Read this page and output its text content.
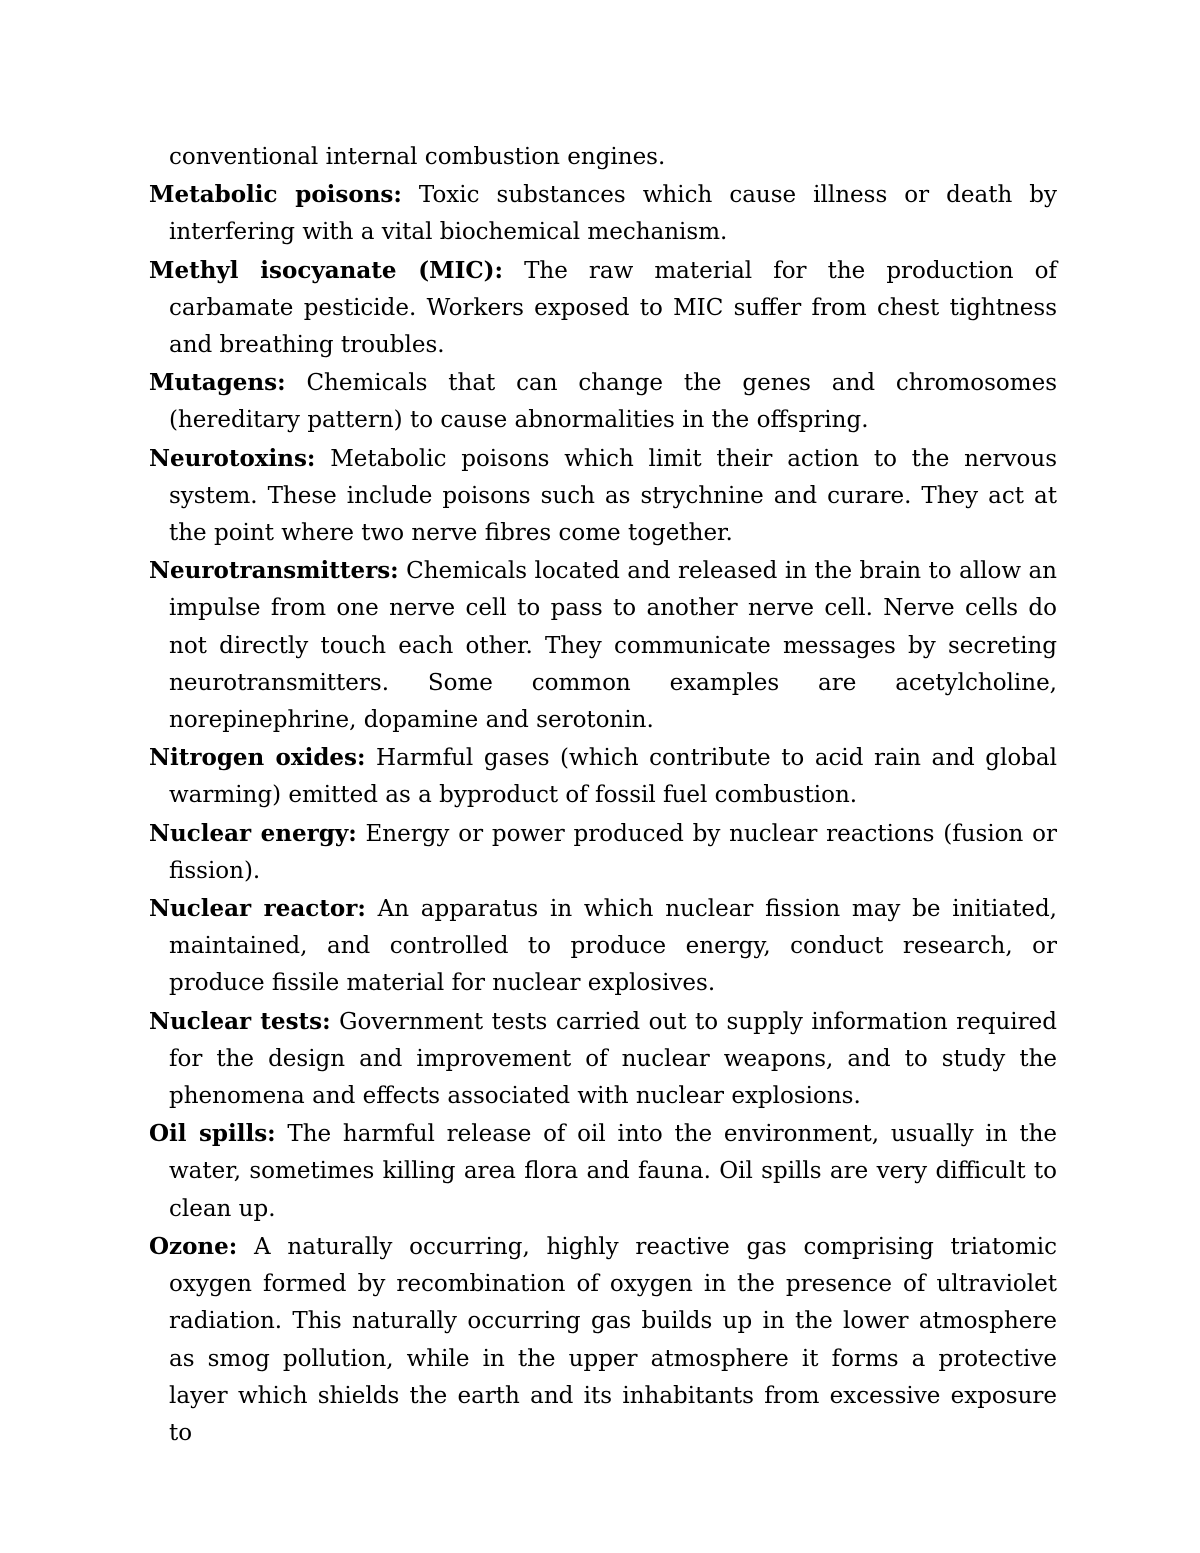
conventional internal combustion engines.

Metabolic poisons: Toxic substances which cause illness or death by interfering with a vital biochemical mechanism.

Methyl isocyanate (MIC): The raw material for the production of carbamate pesticide. Workers exposed to MIC suffer from chest tightness and breathing troubles.

Mutagens: Chemicals that can change the genes and chromosomes (hereditary pattern) to cause abnormalities in the offspring.

Neurotoxins: Metabolic poisons which limit their action to the nervous system. These include poisons such as strychnine and curare. They act at the point where two nerve fibres come together.

Neurotransmitters: Chemicals located and released in the brain to allow an impulse from one nerve cell to pass to another nerve cell. Nerve cells do not directly touch each other. They communicate messages by secreting neurotransmitters. Some common examples are acetylcholine, norepinephrine, dopamine and serotonin.

Nitrogen oxides: Harmful gases (which contribute to acid rain and global warming) emitted as a byproduct of fossil fuel combustion.

Nuclear energy: Energy or power produced by nuclear reactions (fusion or fission).

Nuclear reactor: An apparatus in which nuclear fission may be initiated, maintained, and controlled to produce energy, conduct research, or produce fissile material for nuclear explosives.

Nuclear tests: Government tests carried out to supply information required for the design and improvement of nuclear weapons, and to study the phenomena and effects associated with nuclear explosions.

Oil spills: The harmful release of oil into the environment, usually in the water, sometimes killing area flora and fauna. Oil spills are very difficult to clean up.

Ozone: A naturally occurring, highly reactive gas comprising triatomic oxygen formed by recombination of oxygen in the presence of ultraviolet radiation. This naturally occurring gas builds up in the lower atmosphere as smog pollution, while in the upper atmosphere it forms a protective layer which shields the earth and its inhabitants from excessive exposure to
